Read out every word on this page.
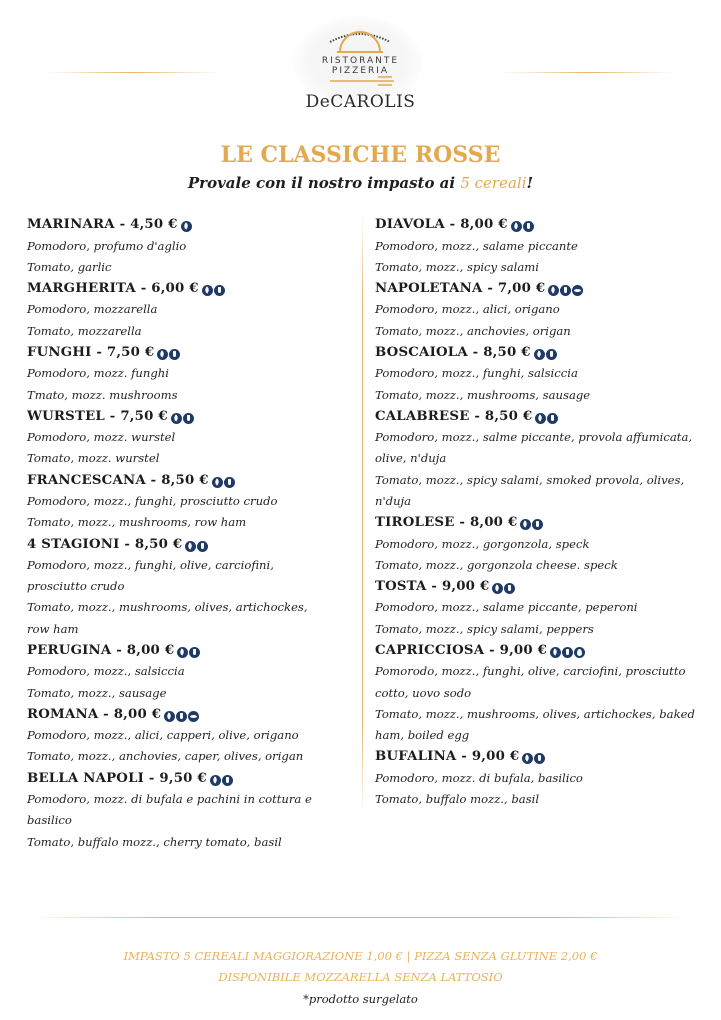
RISTORANTE
PIZZERIA
DeCAROLIS
LE CLASSICHE ROSSE
Provale con il nostro impasto ai 5 cereali!
MARINARA - 4,50 €
Pomodoro, profumo d'aglio
Tomato, garlic
MARGHERITA - 6,00 €
Pomodoro, mozzarella
Tomato, mozzarella
FUNGHI - 7,50 €
Pomodoro, mozz. funghi
Tmato, mozz. mushrooms
WURSTEL - 7,50 €
Pomodoro, mozz. wurstel
Tomato, mozz. wurstel
FRANCESCANA - 8,50 €
Pomodoro, mozz., funghi, prosciutto crudo
Tomato, mozz., mushrooms, row ham
4 STAGIONI - 8,50 €
Pomodoro, mozz., funghi, olive, carciofini,
prosciutto crudo
Tomato, mozz., mushrooms, olives, artichockes,
row ham
PERUGINA - 8,00 €
Pomodoro, mozz., salsiccia
Tomato, mozz., sausage
ROMANA - 8,00 €
Pomodoro, mozz., alici, capperi, olive, origano
Tomato, mozz., anchovies, caper, olives, origan
BELLA NAPOLI - 9,50 €
Pomodoro, mozz. di bufala e pachini in cottura e basilico
Tomato, buffalo mozz., cherry tomato, basil
DIAVOLA - 8,00 €
Pomodoro, mozz., salame piccante
Tomato, mozz., spicy salami
NAPOLETANA - 7,00 €
Pomodoro, mozz., alici, origano
Tomato, mozz., anchovies, origan
BOSCAIOLA - 8,50 €
Pomodoro, mozz., funghi, salsiccia
Tomato, mozz., mushrooms, sausage
CALABRESE - 8,50 €
Pomodoro, mozz., salme piccante, provola affumicata,
olive, n'duja
Tomato, mozz., spicy salami, smoked provola, olives,
n'duja
TIROLESE - 8,00 €
Pomodoro, mozz., gorgonzola, speck
Tomato, mozz., gorgonzola cheese. speck
TOSTA - 9,00 €
Pomodoro, mozz., salame piccante, peperoni
Tomato, mozz., spicy salami, peppers
CAPRICCIOSA - 9,00 €
Pomorodo, mozz., funghi, olive, carciofini, prosciutto
cotto, uovo sodo
Tomato, mozz., mushrooms, olives, artichockes, baked
ham, boiled egg
BUFALINA - 9,00 €
Pomodoro, mozz. di bufala, basilico
Tomato, buffalo mozz., basil
IMPASTO 5 CEREALI MAGGIORAZIONE 1,00 € | PIZZA SENZA GLUTINE 2,00 €
DISPONIBILE MOZZARELLA SENZA LATTOSIO
*prodotto surgelato
